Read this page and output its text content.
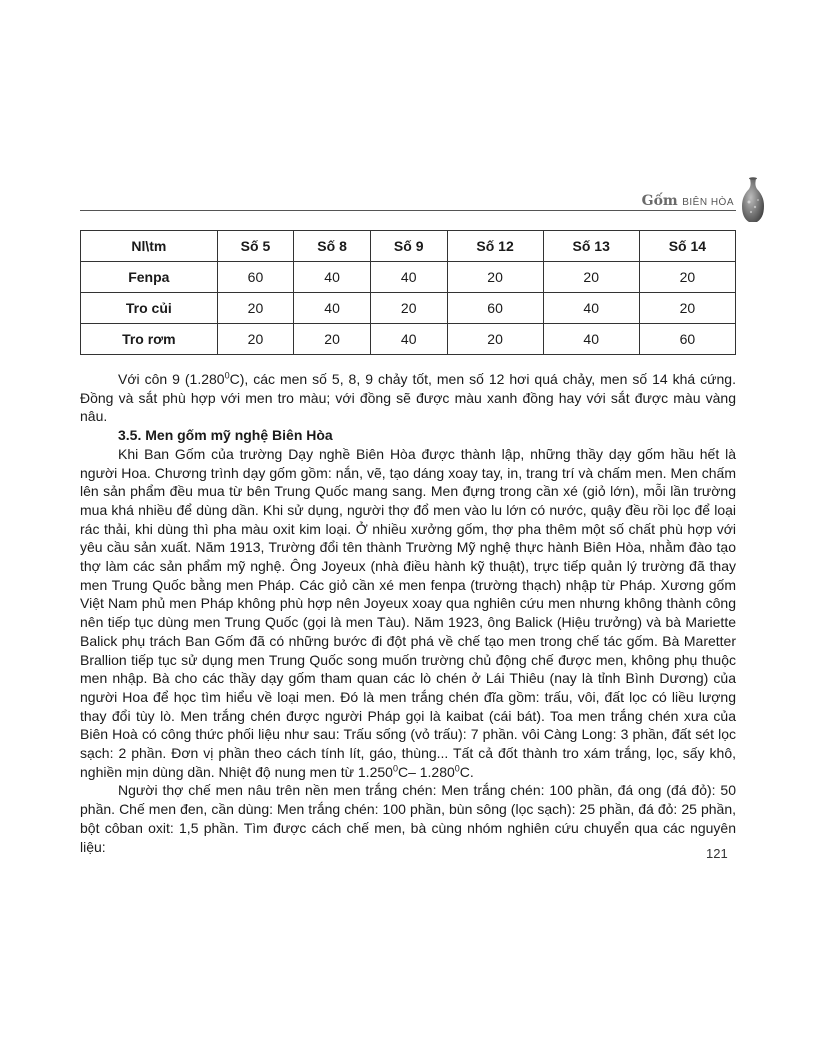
Gốm BIÊN HÒA
Nl\tm	Số 5	Số 8	Số 9	Số 12	Số 13	Số 14
Fenpa	60	40	40	20	20	20
Tro củi	20	40	20	60	40	20
Tro rơm	20	20	40	20	40	60

Với côn 9 (1.280$^0$C), các men số 5, 8, 9 chảy tốt, men số 12 hơi quá chảy, men số 14 khá cứng. Đồng và sắt phù hợp với men tro màu; với đồng sẽ được màu xanh đồng hay với sắt được màu vàng nâu.

3.5. Men gốm mỹ nghệ Biên Hòa

Khi Ban Gốm của trường Dạy nghề Biên Hòa được thành lập, những thầy dạy gốm hầu hết là người Hoa. Chương trình dạy gốm gồm: nắn, vẽ, tạo dáng xoay tay, in, trang trí và chấm men. Men chấm lên sản phẩm đều mua từ bên Trung Quốc mang sang. Men đựng trong cần xé (giỏ lớn), mỗi lần trường mua khá nhiều để dùng dần. Khi sử dụng, người thợ đổ men vào lu lớn có nước, quậy đều rồi lọc để loại rác thải, khi dùng thì pha màu oxit kim loại. Ở nhiều xưởng gốm, thợ pha thêm một số chất phù hợp với yêu cầu sản xuất. Năm 1913, Trường đổi tên thành Trường Mỹ nghệ thực hành Biên Hòa, nhằm đào tạo thợ làm các sản phẩm mỹ nghệ. Ông Joyeux (nhà điều hành kỹ thuật), trực tiếp quản lý trường đã thay men Trung Quốc bằng men Pháp. Các giỏ cần xé men fenpa (trường thạch) nhập từ Pháp. Xương gốm Việt Nam phủ men Pháp không phù hợp nên Joyeux xoay qua nghiên cứu men nhưng không thành công nên tiếp tục dùng men Trung Quốc (gọi là men Tàu). Năm 1923, ông Balick (Hiệu trưởng) và bà Mariette Balick phụ trách Ban Gốm đã có những bước đi đột phá về chế tạo men trong chế tác gốm. Bà Maretter Brallion tiếp tục sử dụng men Trung Quốc song muốn trường chủ động chế được men, không phụ thuộc men nhập. Bà cho các thầy dạy gốm tham quan các lò chén ở Lái Thiêu (nay là tỉnh Bình Dương) của người Hoa để học tìm hiểu về loại men. Đó là men trắng chén đĩa gồm: trấu, vôi, đất lọc có liều lượng thay đổi tùy lò. Men trắng chén được người Pháp gọi là kaibat (cái bát). Toa men trắng chén xưa của Biên Hoà có công thức phối liệu như sau: Trấu sống (vỏ trấu): 7 phần. vôi Càng Long: 3 phần, đất sét lọc sạch: 2 phần. Đơn vị phần theo cách tính lít, gáo, thùng... Tất cả đốt thành tro xám trắng, lọc, sấy khô, nghiền mịn dùng dần. Nhiệt độ nung men từ 1.250$^0$C– 1.280$^0$C.

Người thợ chế men nâu trên nền men trắng chén: Men trắng chén: 100 phần, đá ong (đá đỏ): 50 phần. Chế men đen, cần dùng: Men trắng chén: 100 phần, bùn sông (lọc sạch): 25 phần, đá đỏ: 25 phần, bột côban oxit: 1,5 phần. Tìm được cách chế men, bà cùng nhóm nghiên cứu chuyển qua các nguyên liệu:	121
